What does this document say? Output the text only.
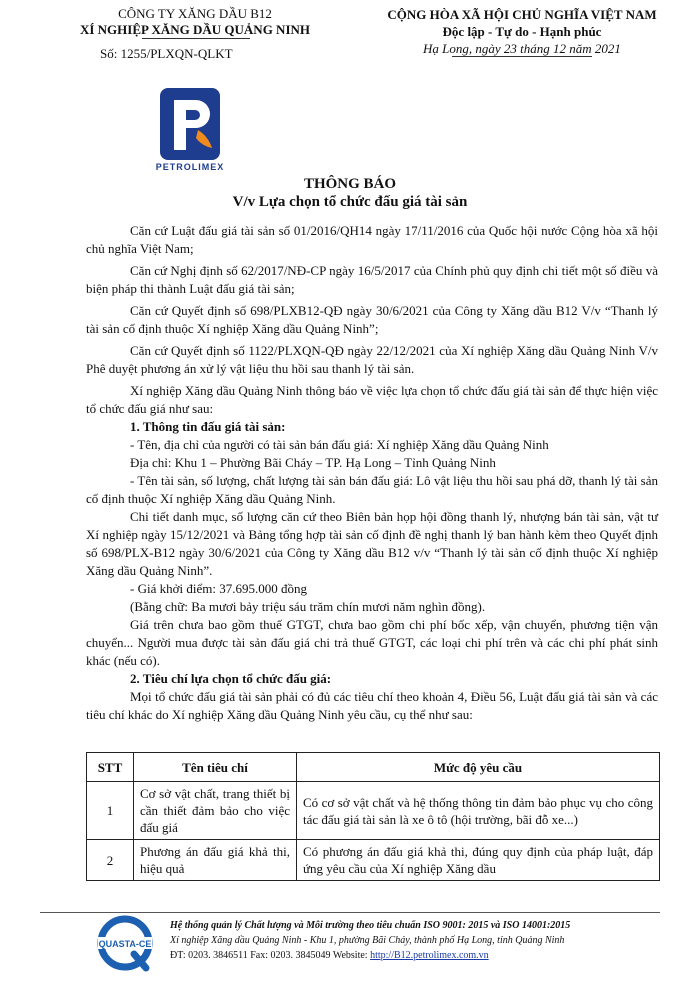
CÔNG TY XĂNG DẦU B12
XÍ NGHIỆP XĂNG DẦU QUẢNG NINH
Số: 1255/PLXQN-QLKT
CỘNG HÒA XÃ HỘI CHỦ NGHĨA VIỆT NAM
Độc lập - Tự do - Hạnh phúc
Hạ Long, ngày 23 tháng 12 năm 2021
PETROLIMEX
THÔNG BÁO
V/v Lựa chọn tổ chức đấu giá tài sản

Căn cứ Luật đấu giá tài sản số 01/2016/QH14 ngày 17/11/2016 của Quốc hội nước Cộng hòa xã hội chủ nghĩa Việt Nam;

Căn cứ Nghị định số 62/2017/NĐ-CP ngày 16/5/2017 của Chính phủ quy định chi tiết một số điều và biện pháp thi thành Luật đấu giá tài sản;

Căn cứ Quyết định số 698/PLXB12-QĐ ngày 30/6/2021 của Công ty Xăng dầu B12 V/v “Thanh lý tài sản cố định thuộc Xí nghiệp Xăng dầu Quảng Ninh”;

Căn cứ Quyết định số 1122/PLXQN-QĐ ngày 22/12/2021 của Xí nghiệp Xăng dầu Quảng Ninh V/v Phê duyệt phương án xử lý vật liệu thu hồi sau thanh lý tài sản.

Xí nghiệp Xăng dầu Quảng Ninh thông báo về việc lựa chọn tổ chức đấu giá tài sản để thực hiện việc tổ chức đấu giá như sau:

1. Thông tin đấu giá tài sản:

- Tên, địa chỉ của người có tài sản bán đấu giá: Xí nghiệp Xăng dầu Quảng Ninh

Địa chỉ: Khu 1 – Phường Bãi Cháy – TP. Hạ Long – Tỉnh Quảng Ninh

- Tên tài sản, số lượng, chất lượng tài sản bán đấu giá: Lô vật liệu thu hồi sau phá dỡ, thanh lý tài sản cố định thuộc Xí nghiệp Xăng dầu Quảng Ninh.

Chi tiết danh mục, số lượng căn cứ theo Biên bản họp hội đồng thanh lý, nhượng bán tài sản, vật tư Xí nghiệp ngày 15/12/2021 và Bảng tổng hợp tài sản cố định đề nghị thanh lý ban hành kèm theo Quyết định số 698/PLX-B12 ngày 30/6/2021 của Công ty Xăng dầu B12 v/v “Thanh lý tài sản cố định thuộc Xí nghiệp Xăng dầu Quảng Ninh”.

- Giá khởi điểm: 37.695.000 đồng

(Bằng chữ: Ba mươi bảy triệu sáu trăm chín mươi năm nghìn đồng).

Giá trên chưa bao gồm thuế GTGT, chưa bao gồm chi phí bốc xếp, vận chuyển, phương tiện vận chuyển... Người mua được tài sản đấu giá chi trả thuế GTGT, các loại chi phí trên và các chi phí phát sinh khác (nếu có).

2. Tiêu chí lựa chọn tổ chức đấu giá:

Mọi tổ chức đấu giá tài sản phải có đủ các tiêu chí theo khoản 4, Điều 56, Luật đấu giá tài sản và các tiêu chí khác do Xí nghiệp Xăng dầu Quảng Ninh yêu cầu, cụ thể như sau:

STT	Tên tiêu chí	Mức độ yêu cầu
1	Cơ sở vật chất, trang thiết bị cần thiết đảm bảo cho việc đấu giá	Có cơ sở vật chất và hệ thống thông tin đảm bảo phục vụ cho công tác đấu giá tài sản là xe ô tô (hội trường, bãi đỗ xe...)
2	Phương án đấu giá khả thi, hiệu quả	Có phương án đấu giá khả thi, đúng quy định của pháp luật, đáp ứng yêu cầu của Xí nghiệp Xăng dầu
QUASTA-CE
Hệ thống quản lý Chất lượng và Môi trường theo tiêu chuẩn ISO 9001: 2015 và ISO 14001:2015
Xí nghiệp Xăng dầu Quảng Ninh - Khu 1, phường Bãi Cháy, thành phố Hạ Long, tỉnh Quảng Ninh
ĐT: 0203. 3846511 Fax: 0203. 3845049 Website: http://B12.petrolimex.com.vn
